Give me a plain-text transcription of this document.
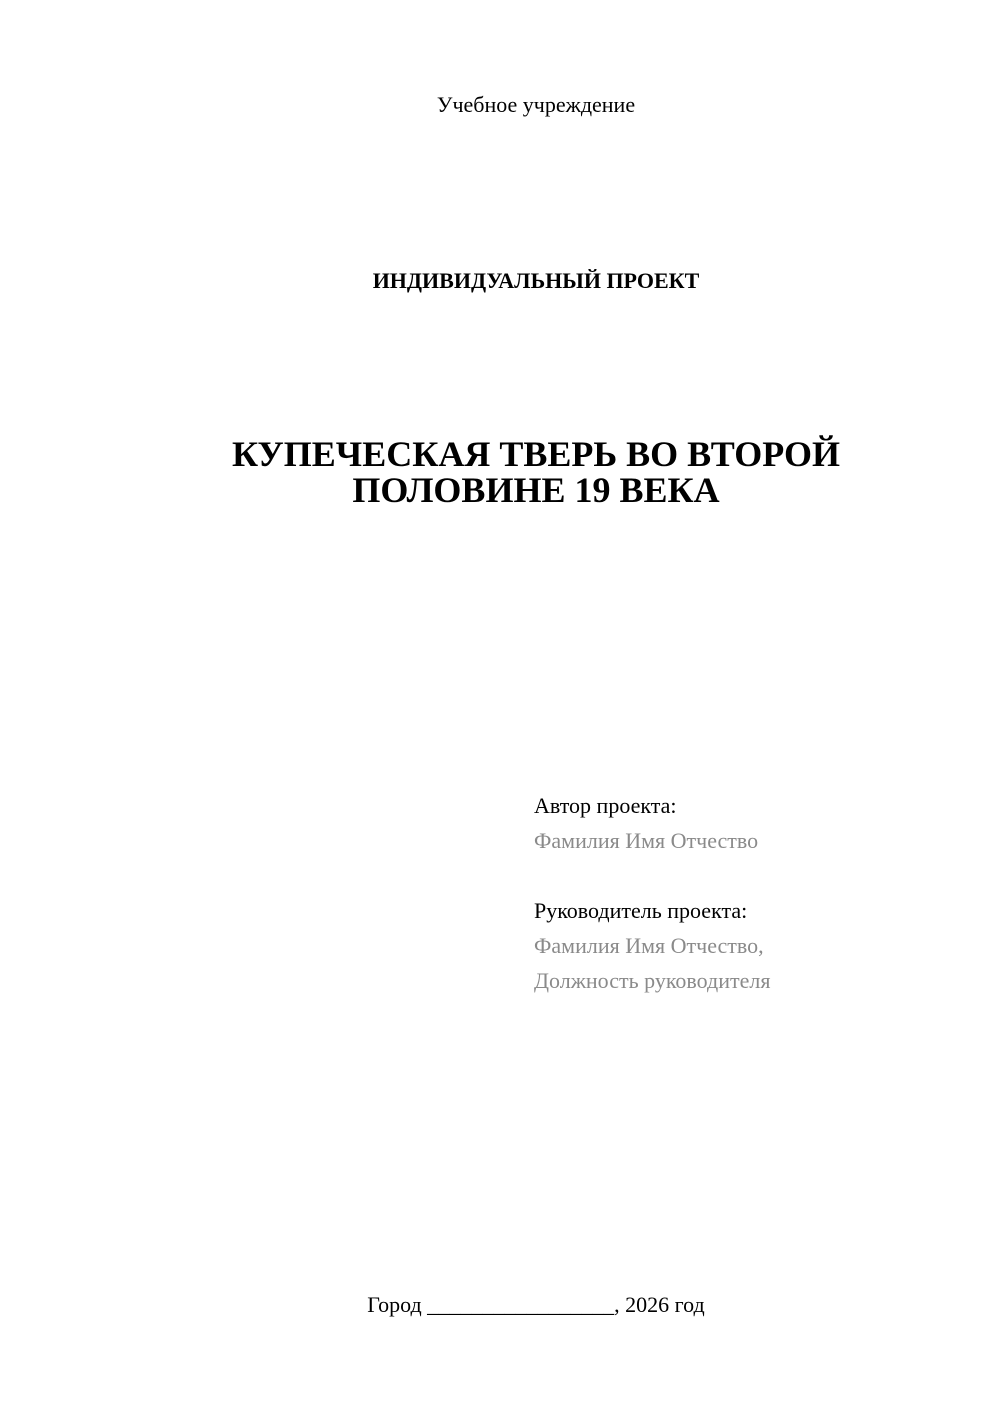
Учебное учреждение
ИНДИВИДУАЛЬНЫЙ ПРОЕКТ
КУПЕЧЕСКАЯ ТВЕРЬ ВО ВТОРОЙ
ПОЛОВИНЕ 19 ВЕКА
Автор проекта:
Фамилия Имя Отчество
Руководитель проекта:
Фамилия Имя Отчество,
Должность руководителя
Город _________________, 2026 год
